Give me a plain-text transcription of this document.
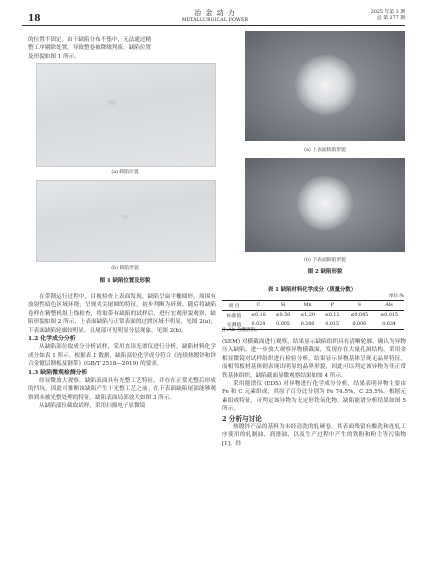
18
冶 金 动 力
METALLURGICAL POWER
2025 年第 3 期
总 第 277 期

的位置不固定。由于缺陷分布不集中，无法通过精

整工序剔除处置，导致整卷被降级判废。缺陷位置

及形貌如图 1 所示。

(a) 缺陷位置
(b) 缺陷形貌
图 1 缺陷位置及形貌

在带钢运行过程中，目视检查上表面发现，缺陷呈扁平椭圆形，周围有放射性暗色区域环绕，呈现夹尖尾圆的特征，初步判断为碎斑。随后将缺陷卷样在精整机组上线检查，将取带有缺陷的试样后，进行宏观形貌观察，缺陷形貌如图 2 所示，上表面缺陷与正常表面的过渡区域不明显，见图 2(a)；下表面缺陷轮廓较明显，且尾部可见明显分层现象，见图 2(b)。

1.2 化学成分分析

从缺陷部位取成分分析试样，采用直读光谱仪进行分析，缺陷材料化学成分如表 1 所示。根据表 1 数据，缺陷部位化学成分符合《连续热镀锌和锌合金镀层钢板及钢带》(GB/T 2518—2019) 的要求。

1.3 缺陷微观检测分析

经显微放大观察，缺陷表面具有光整工艺特征，并存在正常光整后形成的凹坑，因此可推断该缺陷产生于光整工艺之前；在下表面缺陷尾部能够观察到未被光整处理的特征。缺陷表面局部放大如图 3 所示。

从缺陷部位截取试样，采用扫描电子显微镜

(a) 上表面缺陷形貌
(b) 下表面缺陷形貌
图 2 缺陷形貌
表 1 缺陷材料化学成分（质量分数）
单位:%
项 目	C	Si	Mn	P	S	Als
标准值	≤0.18	≤0.50	≤1.20	≤0.12	≤0.045	≥0.015
实测值	0.024	0.005	0.200	0.015	0.006	0.034
注:Als 为酸溶铝。

(SEM) 对横截面进行观察。结果显示缺陷组织具有清晰轮廓，确认为异物压入缺陷。进一步放大观察异物横截面，发现存在大量孔洞结构。采用金相显微镜对试样组织进行检验分析，结果显示异物基体呈现无晶界特征，而相邻板材基体则表现出明显的晶界形貌，因此可以判定该异物为非正常铁基体组织。缺陷截面显微观察结果如图 4 所示。

采用能谱仪 (EDS) 对异物进行化学成分分析，结果表明异物主要由 Fe 和 C 元素组成，其原子百分比分别为 Fe 74.5%，C 25.5%。根据元素组成特征，可判定该异物为无定形铁氧化物。缺陷能谱分析结果如图 5 所示。

2 分析与讨论

热镀锌产品的基料为未经清洗的轧硬卷，其表面残留有酸洗和连轧工序使用的轧制油、润滑油，以及生产过程中产生的铁粉和粉尘等污染物[1]。经
